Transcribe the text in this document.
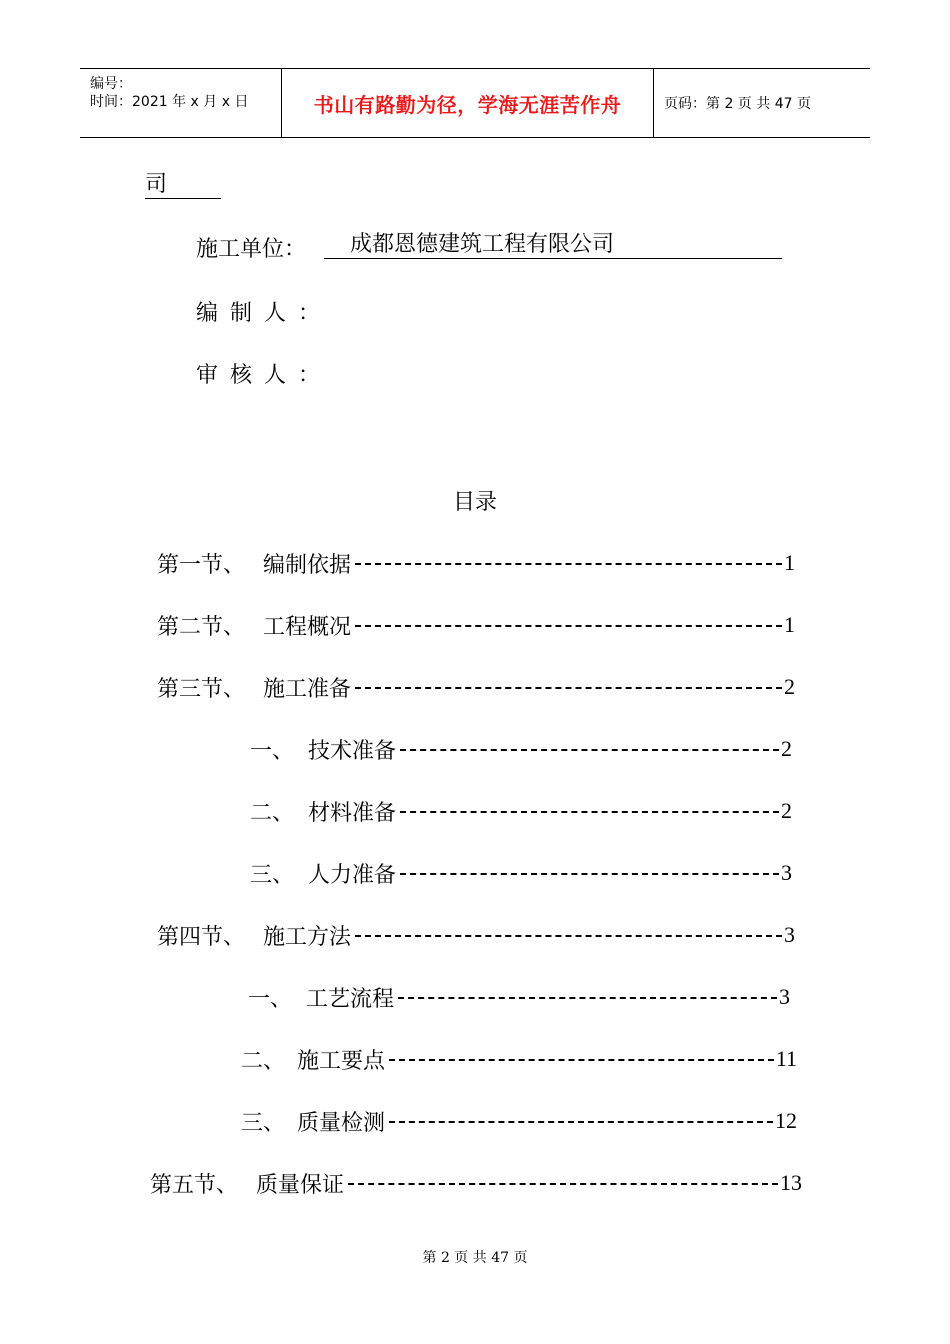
编号：
时间：2021 年 x 月 x 日	书山有路勤为径，学海无涯苦作舟	页码：第 2 页 共 47 页
司
施工单位：	成都恩德建筑工程有限公司
编制人：
审核人：
目录
第一节、 编制依据	1
第二节、 工程概况	1
第三节、 施工准备	2
一、 技术准备	2
二、 材料准备	2
三、 人力准备	3
第四节、 施工方法	3
一、 工艺流程	3
二、 施工要点	11
三、 质量检测	12
第五节、 质量保证	13
第 2 页 共 47 页
